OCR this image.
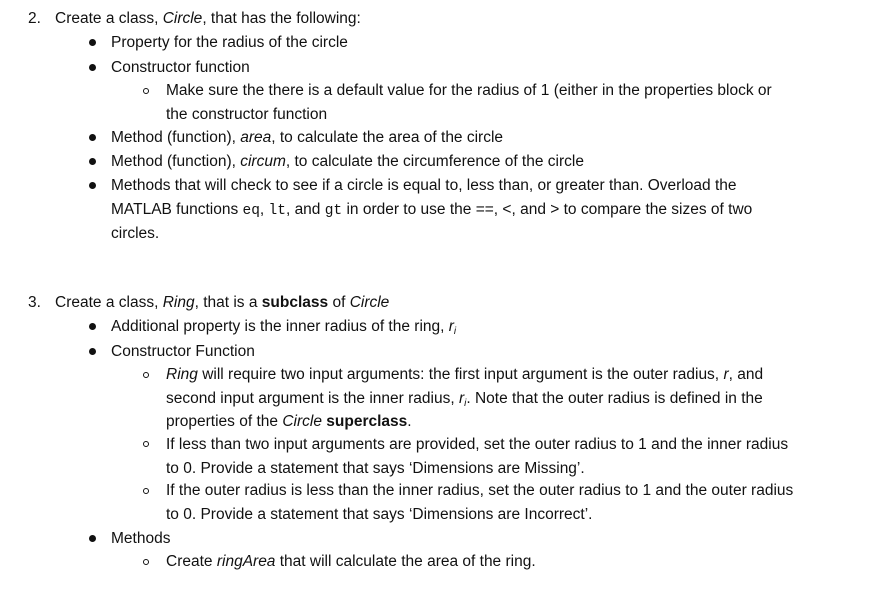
2. Create a class, Circle, that has the following:
Property for the radius of the circle
Constructor function
Make sure the there is a default value for the radius of 1 (either in the properties block or
the constructor function
Method (function), area, to calculate the area of the circle
Method (function), circum, to calculate the circumference of the circle
Methods that will check to see if a circle is equal to, less than, or greater than. Overload the
MATLAB functions eq, lt, and gt in order to use the ==, <, and > to compare the sizes of two
circles.
3. Create a class, Ring, that is a subclass of Circle
Additional property is the inner radius of the ring, $r_i$
Constructor Function
Ring will require two input arguments: the first input argument is the outer radius, r, and
second input argument is the inner radius, $r_i$. Note that the outer radius is defined in the
properties of the Circle superclass.
If less than two input arguments are provided, set the outer radius to 1 and the inner radius
to 0. Provide a statement that says ‘Dimensions are Missing’.
If the outer radius is less than the inner radius, set the outer radius to 1 and the outer radius
to 0. Provide a statement that says ‘Dimensions are Incorrect’.
Methods
Create ringArea that will calculate the area of the ring.
